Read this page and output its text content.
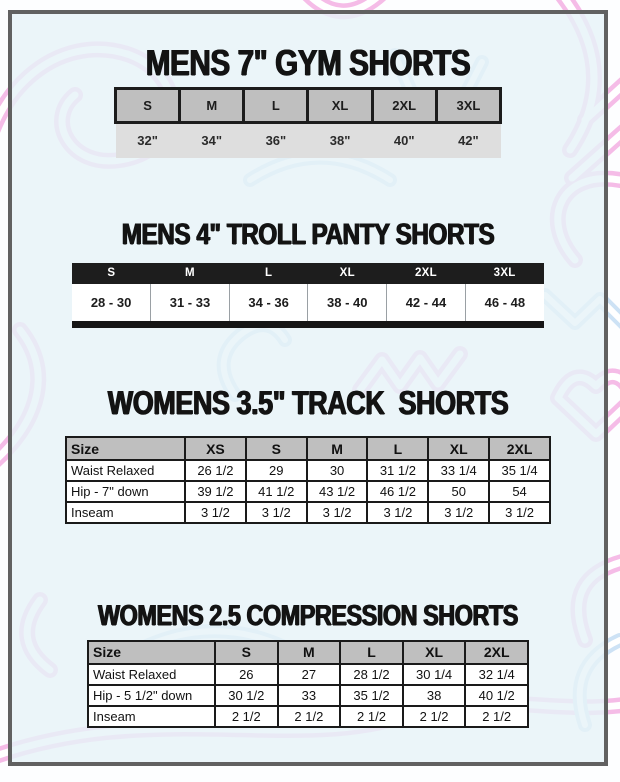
MENS 7" GYM SHORTS
S	M	L	XL	2XL	3XL
32"	34"	36"	38"	40"	42"
MENS 4" TROLL PANTY SHORTS
S	M	L	XL	2XL	3XL
28 - 30	31 - 33	34 - 36	38 - 40	42 - 44	46 - 48
WOMENS 3.5" TRACK  SHORTS
Size	XS	S	M	L	XL	2XL
Waist Relaxed	26 1/2	29	30	31 1/2	33 1/4	35 1/4
Hip - 7" down	39 1/2	41 1/2	43 1/2	46 1/2	50	54
Inseam	3 1/2	3 1/2	3 1/2	3 1/2	3 1/2	3 1/2
WOMENS 2.5 COMPRESSION SHORTS
Size	S	M	L	XL	2XL
Waist Relaxed	26	27	28 1/2	30 1/4	32 1/4
Hip - 5 1/2" down	30 1/2	33	35 1/2	38	40 1/2
Inseam	2 1/2	2 1/2	2 1/2	2 1/2	2 1/2
